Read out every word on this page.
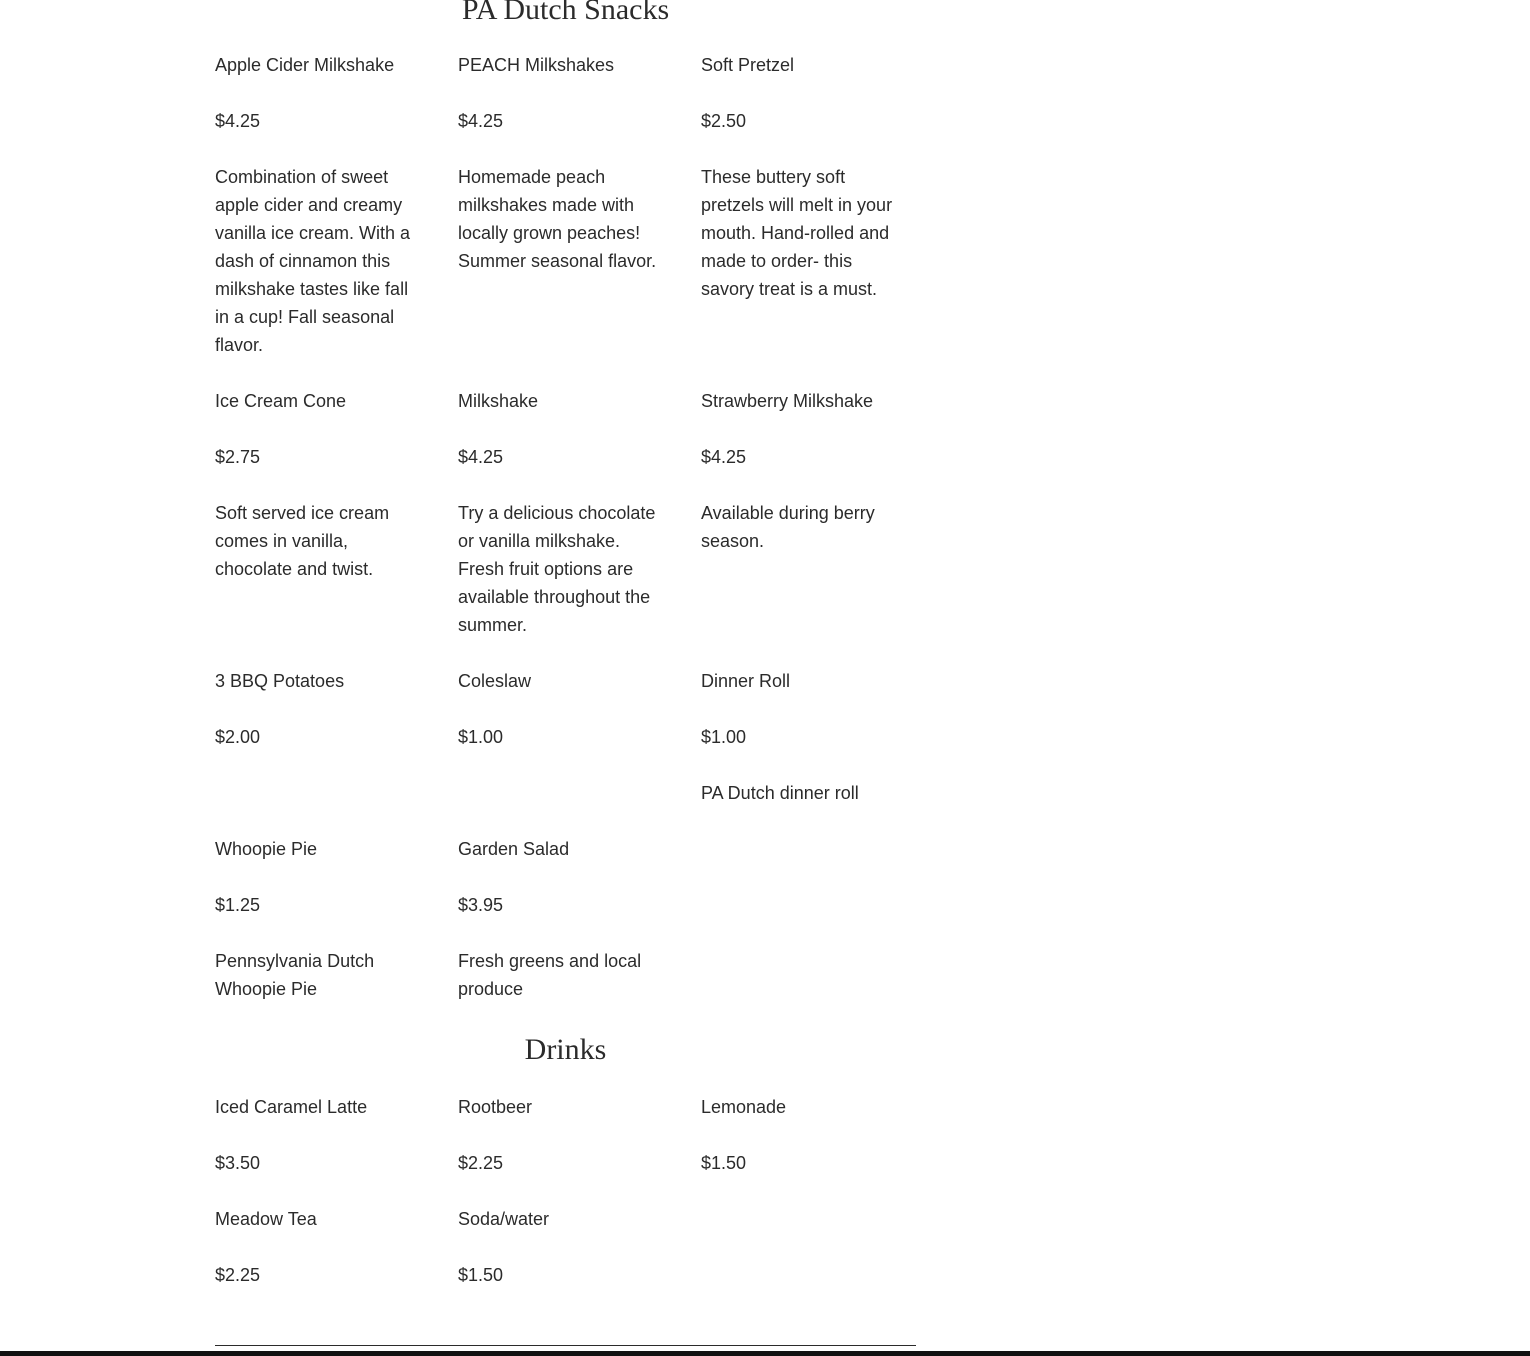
PA Dutch Snacks
Apple Cider Milkshake
$4.25
Combination of sweet apple cider and creamy vanilla ice cream. With a dash of cinnamon this milkshake tastes like fall in a cup! Fall seasonal flavor.
PEACH Milkshakes
$4.25
Homemade peach milkshakes made with locally grown peaches! Summer seasonal flavor.
Soft Pretzel
$2.50
These buttery soft pretzels will melt in your mouth. Hand-rolled and made to order- this savory treat is a must.
Ice Cream Cone
$2.75
Soft served ice cream comes in vanilla, chocolate and twist.
Milkshake
$4.25
Try a delicious chocolate or vanilla milkshake. Fresh fruit options are available throughout the summer.
Strawberry Milkshake
$4.25
Available during berry season.
3 BBQ Potatoes
$2.00
Coleslaw
$1.00
Dinner Roll
$1.00
PA Dutch dinner roll
Whoopie Pie
$1.25
Pennsylvania Dutch Whoopie Pie
Garden Salad
$3.95
Fresh greens and local produce
Drinks
Iced Caramel Latte
$3.50
Rootbeer
$2.25
Lemonade
$1.50
Meadow Tea
$2.25
Soda/water
$1.50
